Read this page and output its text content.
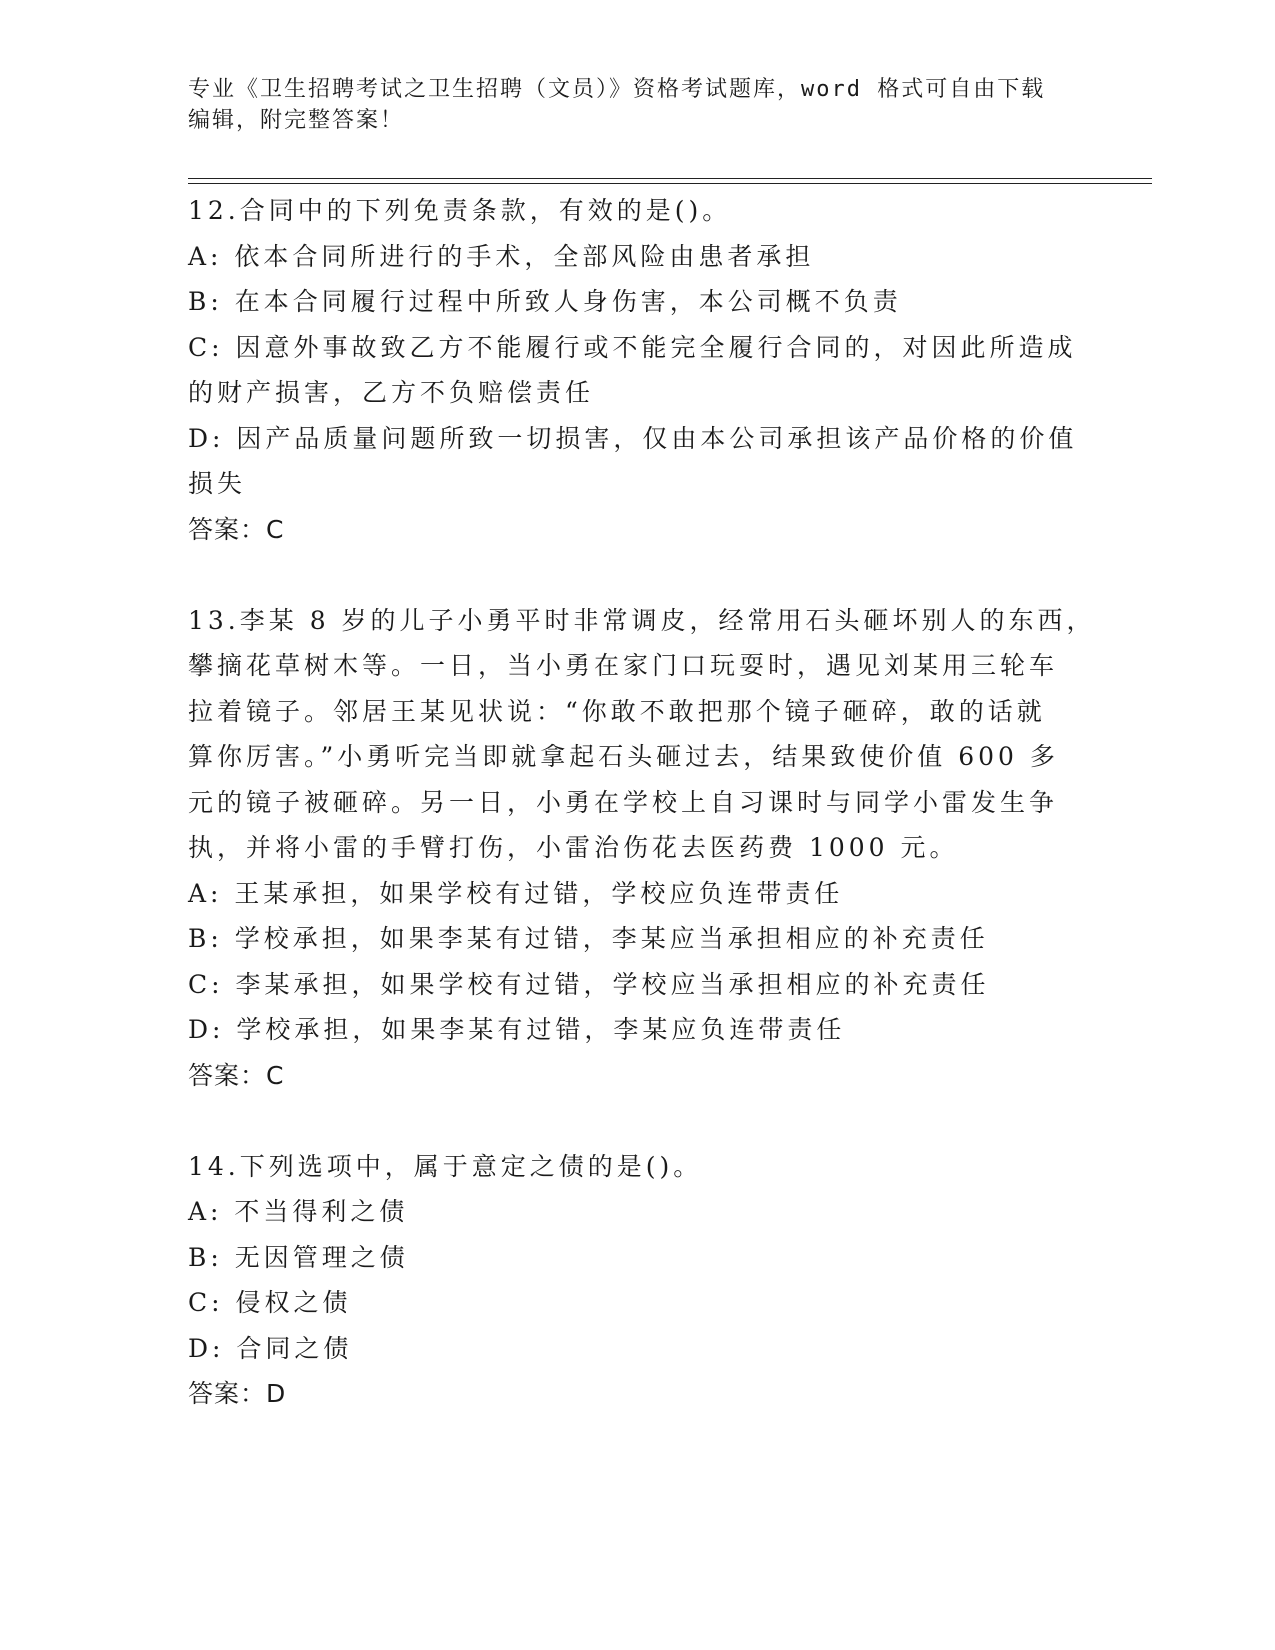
专业《卫生招聘考试之卫生招聘（文员）》资格考试题库，word 格式可自由下载
编辑，附完整答案！
12.合同中的下列免责条款，有效的是()。
A: 依本合同所进行的手术，全部风险由患者承担
B: 在本合同履行过程中所致人身伤害，本公司概不负责
C: 因意外事故致乙方不能履行或不能完全履行合同的，对因此所造成
的财产损害，乙方不负赔偿责任
D: 因产品质量问题所致一切损害，仅由本公司承担该产品价格的价值
损失
答案：C
13.李某 8 岁的儿子小勇平时非常调皮，经常用石头砸坏别人的东西，
攀摘花草树木等。一日，当小勇在家门口玩耍时，遇见刘某用三轮车
拉着镜子。邻居王某见状说：“你敢不敢把那个镜子砸碎，敢的话就
算你厉害。”小勇听完当即就拿起石头砸过去，结果致使价值 600 多
元的镜子被砸碎。另一日，小勇在学校上自习课时与同学小雷发生争
执，并将小雷的手臂打伤，小雷治伤花去医药费 1000 元。
A: 王某承担，如果学校有过错，学校应负连带责任
B: 学校承担，如果李某有过错，李某应当承担相应的补充责任
C: 李某承担，如果学校有过错，学校应当承担相应的补充责任
D: 学校承担，如果李某有过错，李某应负连带责任
答案：C
14.下列选项中，属于意定之债的是()。
A: 不当得利之债
B: 无因管理之债
C: 侵权之债
D: 合同之债
答案：D
